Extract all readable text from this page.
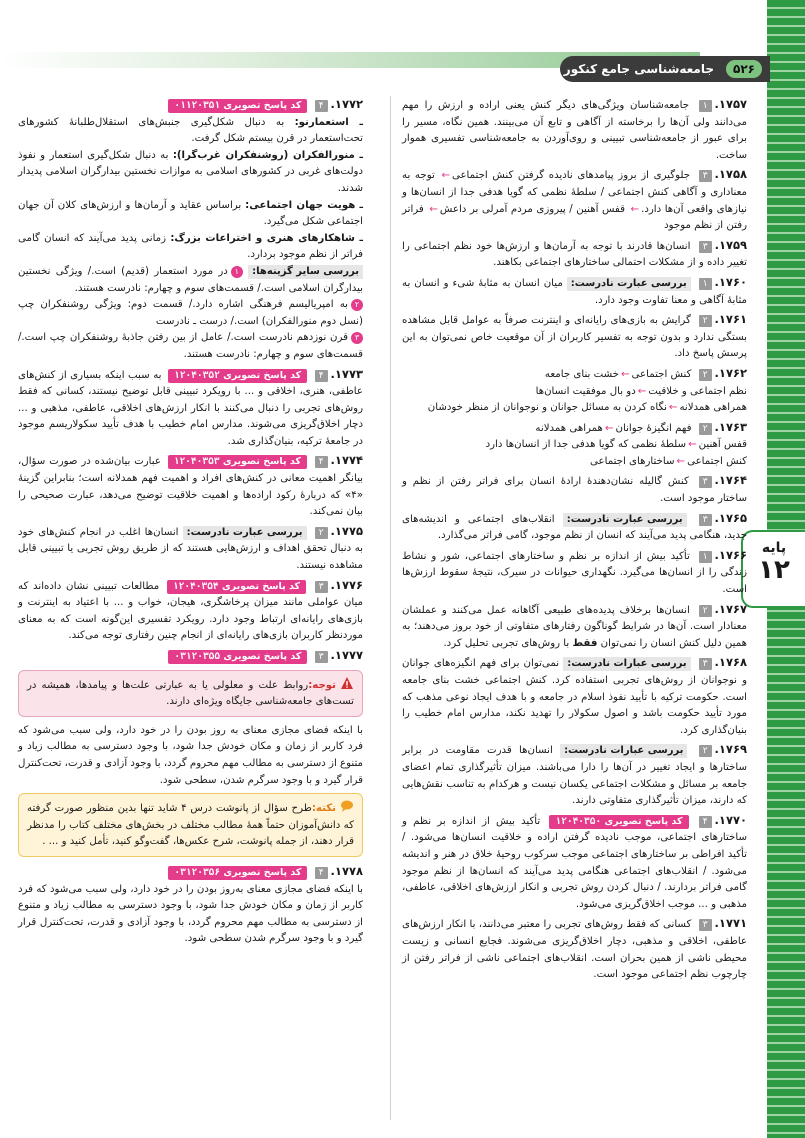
۵۲۶
جامعه‌شناسی جامع کنکور
پایه
۱۲
۱۷۵۷.۱ جامعه‌شناسان ویژگی‌های دیگر کنش یعنی اراده و ارزش را مهم می‌دانند ولی آن‌ها را برخاسته از آگاهی و تابع آن می‌بینند. همین نگاه، مسیر را برای عبور از جامعه‌شناسی تبیینی و روی‌آوردن به جامعه‌شناسی تفسیری هموار ساخت.
۱۷۵۸.۳ جلوگیری از بروز پیامدهای نادیده گرفتن کنش اجتماعی← توجه به معناداری و آگاهی کنش اجتماعی / سلطهٔ نظمی که گویا هدفی جدا از انسان‌ها و نیازهای واقعی آن‌ها دارد.← قفس آهنین / پیروزی مردم آمرلی بر داعش← فراتر رفتن از نظم موجود
۱۷۵۹.۳ انسان‌ها قادرند با توجه به آرمان‌ها و ارزش‌ها خود نظم اجتماعی را تغییر داده و از مشکلات احتمالی ساختارهای اجتماعی بکاهند.
۱۷۶۰.۱ بررسی عبارت نادرست: میان انسان به مثابهٔ شیء و انسان به مثابهٔ آگاهی و معنا تفاوت وجود دارد.
۱۷۶۱.۲ گرایش به بازی‌های رایانه‌ای و اینترنت صرفاً به عوامل قابل مشاهده بستگی ندارد و بدون توجه به تفسیر کاربران از آن موقعیت خاص نمی‌توان به این پرسش پاسخ داد.
۱۷۶۲.۲ کنش اجتماعی←خشت بنای جامعه
نظم اجتماعی و خلاقیت←دو بال موفقیت انسان‌ها
همراهی همدلانه←نگاه کردن به مسائل جوانان و نوجوانان از منظر خودشان
۱۷۶۳.۲ فهم انگیزهٔ جوانان←همراهی همدلانه
قفس آهنین←سلطهٔ نظمی که گویا هدفی جدا از انسان‌ها دارد
کنش اجتماعی←ساختارهای اجتماعی
۱۷۶۴.۳ کنش گالیله نشان‌دهندهٔ ارادهٔ انسان برای فراتر رفتن از نظم و ساختار موجود است.
۱۷۶۵.۳ بررسی عبارت نادرست: انقلاب‌های اجتماعی و اندیشه‌های جدید، هنگامی پدید می‌آیند که انسان از نظم موجود، گامی فراتر می‌گذارد.
۱۷۶۶.۱ تأکید بیش از اندازه بر نظم و ساختارهای اجتماعی، شور و نشاط زندگی را از انسان‌ها می‌گیرد. نگهداری حیوانات در سیرک، نتیجهٔ سقوط ارزش‌ها است.
۱۷۶۷.۲ انسان‌ها برخلاف پدیده‌های طبیعی آگاهانه عمل می‌کنند و عملشان معنادار است. آن‌ها در شرایط گوناگون رفتارهای متفاوتی از خود بروز می‌دهند؛ به همین دلیل کنش انسان را نمی‌توان فقط با روش‌های تجربی تحلیل کرد.
۱۷۶۸.۳ بررسی عبارات نادرست: نمی‌توان برای فهم انگیزه‌های جوانان و نوجوانان از روش‌های تجربی استفاده کرد. کنش اجتماعی خشت بنای جامعه است. حکومت ترکیه با تأیید نفوذ اسلام در جامعه و با هدف ایجاد نوعی مذهب که مورد تأیید حکومت باشد و اصول سکولار را تهدید نکند، مدارس امام خطیب را بنیان‌گذاری کرد.
۱۷۶۹.۲ بررسی عبارات نادرست: انسان‌ها قدرت مقاومت در برابر ساختارها و ایجاد تغییر در آن‌ها را دارا می‌باشند. میزان تأثیرگذاری تمام اعضای جامعه بر مسائل و مشکلات اجتماعی یکسان نیست و هرکدام به تناسب نقش‌هایی که دارند، میزان تأثیرگذاری متفاوتی دارند.
۱۷۷۰.۴ کد پاسخ تصویری ۱۲۰۴۰۳۵۰ تأکید بیش از اندازه بر نظم و ساختارهای اجتماعی، موجب نادیده گرفتن اراده و خلاقیت انسان‌ها می‌شود. / تأکید افراطی بر ساختارهای اجتماعی موجب سرکوب روحیهٔ خلاق در هنر و اندیشه می‌شود. / انقلاب‌های اجتماعی هنگامی پدید می‌آیند که انسان‌ها از نظم موجود گامی فراتر بردارند. / دنبال کردن روش تجربی و انکار ارزش‌های اخلاقی، عاطفی، مذهبی و ... موجب اخلاق‌گریزی می‌شود.
۱۷۷۱.۳ کسانی که فقط روش‌های تجربی را معتبر می‌دانند، با انکار ارزش‌های عاطفی، اخلاقی و مذهبی، دچار اخلاق‌گریزی می‌شوند. فجایع انسانی و زیست محیطی ناشی از همین بحران است. انقلاب‌های اجتماعی ناشی از فراتر رفتن از چارچوب نظم اجتماعی موجود است.
۱۷۷۲.۴ کد پاسخ تصویری ۰۱۱۲۰۳۵۱
ـ استعمارنو: به دنبال شکل‌گیری جنبش‌های استقلال‌طلبانهٔ کشورهای تحت‌استعمار در قرن بیستم شکل گرفت.
ـ منورالفکران (روشنفکران غرب‌گرا): به دنبال شکل‌گیری استعمار و نفوذ دولت‌های غربی در کشورهای اسلامی به موازات نخستین بیدارگران اسلامی پدیدار شدند.
ـ هویت جهان اجتماعی: براساس عقاید و آرمان‌ها و ارزش‌های کلان آن جهان اجتماعی شکل می‌گیرد.
ـ شاهکارهای هنری و اختراعات بزرگ: زمانی پدید می‌آیند که انسان گامی فراتر از نظم موجود بردارد.
بررسی سایر گزینه‌ها: ۱در مورد استعمار (قدیم) است./ ویژگی نخستین بیدارگران اسلامی است./ قسمت‌های سوم و چهارم: نادرست هستند.
۲به امپریالیسم فرهنگی اشاره دارد./ قسمت دوم: ویژگی روشنفکران چپ (نسل دوم منورالفکران) است./ درست ـ نادرست
۳قرن نوزدهم نادرست است./ عامل از بین رفتن جاذبهٔ روشنفکران چپ است./ قسمت‌های سوم و چهارم: نادرست هستند.
۱۷۷۳.۴ کد پاسخ تصویری ۱۲۰۴۰۳۵۲ به سبب اینکه بسیاری از کنش‌های عاطفی، هنری، اخلاقی و ... با رویکرد تبیینی قابل توضیح نیستند، کسانی که فقط روش‌های تجربی را دنبال می‌کنند با انکار ارزش‌های اخلاقی، عاطفی، مذهبی و ... دچار اخلاق‌گریزی می‌شوند. مدارس امام خطیب با هدف تأیید سکولاریسم موجود در جامعهٔ ترکیه، بنیان‌گذاری شد.
۱۷۷۴.۴ کد پاسخ تصویری ۱۲۰۴۰۳۵۳ عبارت بیان‌شده در صورت سؤال، بیانگر اهمیت معانی در کنش‌های افراد و اهمیت فهم همدلانه است؛ بنابراین گزینهٔ «۴» که دربارهٔ رکود اراده‌ها و اهمیت خلاقیت توضیح می‌دهد، عبارت صحیحی را بیان نمی‌کند.
۱۷۷۵.۲ بررسی عبارت نادرست: انسان‌ها اغلب در انجام کنش‌های خود به دنبال تحقق اهداف و ارزش‌هایی هستند که از طریق روش تجربی یا تبیینی قابل مشاهده نیستند.
۱۷۷۶.۳ کد پاسخ تصویری ۱۲۰۴۰۳۵۴ مطالعات تبیینی نشان داده‌اند که میان عواملی مانند میزان پرخاشگری، هیجان، خواب و ... با اعتیاد به اینترنت و بازی‌های رایانه‌ای ارتباط وجود دارد. رویکرد تفسیری این‌گونه است که به معنای موردنظر کاربران بازی‌های رایانه‌ای از انجام چنین رفتاری توجه می‌کند.
۱۷۷۷.۳ کد پاسخ تصویری ۰۳۱۲۰۳۵۵
توجه:روابط علت و معلولی یا به عبارتی علت‌ها و پیامدها، همیشه در تست‌های جامعه‌شناسی جایگاه ویژه‌ای دارند.
با اینکه فضای مجازی معنای به روز بودن را در خود دارد، ولی سبب می‌شود که فرد کاربر از زمان و مکان خودش جدا شود، با وجود دسترسی به مطالب زیاد و متنوع از دسترسی به مطالب مهم محروم گردد، با وجود آزادی و قدرت، تحت‌کنترل قرار گیرد و با وجود سرگرم شدن، سطحی شود.
نکته:طرح سؤال از پانوشت درس ۴ شاید تنها بدین منظور صورت گرفته که دانش‌آموزان حتماً همهٔ مطالب مختلف در بخش‌های مختلف کتاب را مدنظر قرار دهند، از جمله پانوشت، شرح عکس‌ها، گفت‌وگو کنید، تأمل کنید و ... .
۱۷۷۸.۴ کد پاسخ تصویری ۰۳۱۲۰۳۵۶
با اینکه فضای مجازی معنای به‌روز بودن را در خود دارد، ولی سبب می‌شود که فرد کاربر از زمان و مکان خودش جدا شود، با وجود دسترسی به مطالب زیاد و متنوع از دسترسی به مطالب مهم محروم گردد، با وجود آزادی و قدرت، تحت‌کنترل قرار گیرد و با وجود سرگرم شدن سطحی شود.
